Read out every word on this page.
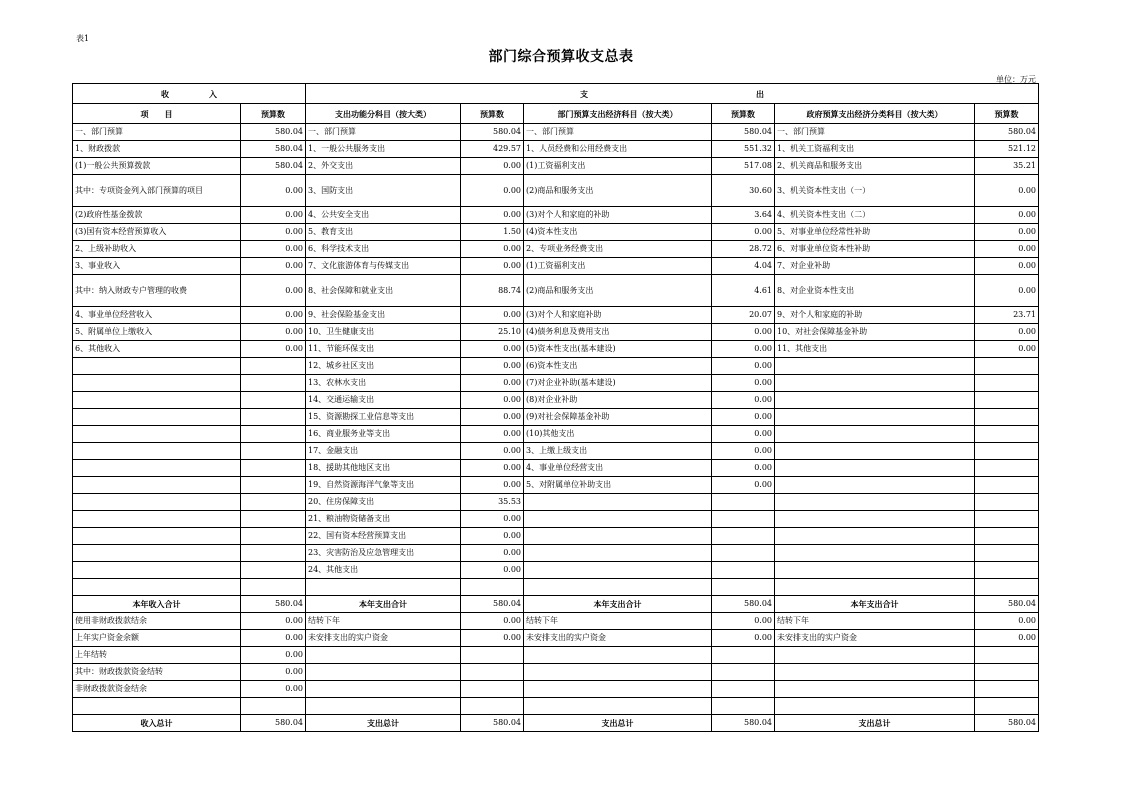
表1
部门综合预算收支总表
单位：万元
收　　　　　入		支　　　　　　　　　　　　　　　　　　　　　出					
项　　目	预算数	支出功能分科目（按大类）	预算数	部门预算支出经济科目（按大类）	预算数	政府预算支出经济分类科目（按大类）	预算数
一、部门预算	580.04	一、部门预算	580.04	一、部门预算	580.04	一、部门预算	580.04
1、财政拨款	580.04	1、一般公共服务支出	429.57	1、人员经费和公用经费支出	551.32	1、机关工资福利支出	521.12
(1)一般公共预算拨款	580.04	2、外交支出	0.00	(1)工资福利支出	517.08	2、机关商品和服务支出	35.21
其中：专项资金列入部门预算的项目	0.00	3、国防支出	0.00	(2)商品和服务支出	30.60	3、机关资本性支出（一）	0.00
(2)政府性基金拨款	0.00	4、公共安全支出	0.00	(3)对个人和家庭的补助	3.64	4、机关资本性支出（二）	0.00
(3)国有资本经营预算收入	0.00	5、教育支出	1.50	(4)资本性支出	0.00	5、对事业单位经常性补助	0.00
2、上级补助收入	0.00	6、科学技术支出	0.00	2、专项业务经费支出	28.72	6、对事业单位资本性补助	0.00
3、事业收入	0.00	7、文化旅游体育与传媒支出	0.00	(1)工资福利支出	4.04	7、对企业补助	0.00
其中：纳入财政专户管理的收费	0.00	8、社会保障和就业支出	88.74	(2)商品和服务支出	4.61	8、对企业资本性支出	0.00
4、事业单位经营收入	0.00	9、社会保险基金支出	0.00	(3)对个人和家庭补助	20.07	9、对个人和家庭的补助	23.71
5、附属单位上缴收入	0.00	10、卫生健康支出	25.10	(4)债务利息及费用支出	0.00	10、对社会保障基金补助	0.00
6、其他收入	0.00	11、节能环保支出	0.00	(5)资本性支出(基本建设)	0.00	11、其他支出	0.00
		12、城乡社区支出	0.00	(6)资本性支出	0.00		
		13、农林水支出	0.00	(7)对企业补助(基本建设)	0.00		
		14、交通运输支出	0.00	(8)对企业补助	0.00		
		15、资源勘探工业信息等支出	0.00	(9)对社会保障基金补助	0.00		
		16、商业服务业等支出	0.00	(10)其他支出	0.00		
		17、金融支出	0.00	3、上缴上级支出	0.00		
		18、援助其他地区支出	0.00	4、事业单位经营支出	0.00		
		19、自然资源海洋气象等支出	0.00	5、对附属单位补助支出	0.00		
		20、住房保障支出	35.53				
		21、粮油物资储备支出	0.00				
		22、国有资本经营预算支出	0.00				
		23、灾害防治及应急管理支出	0.00				
		24、其他支出	0.00				

本年收入合计	580.04	本年支出合计	580.04	本年支出合计	580.04	本年支出合计	580.04
使用非财政拨款结余	0.00	结转下年	0.00	结转下年	0.00	结转下年	0.00
上年实户资金余额	0.00	未安排支出的实户资金	0.00	未安排支出的实户资金	0.00	未安排支出的实户资金	0.00
上年结转	0.00						
其中：财政拨款资金结转	0.00						
非财政拨款资金结余	0.00						

收入总计	580.04	支出总计	580.04	支出总计	580.04	支出总计	580.04
